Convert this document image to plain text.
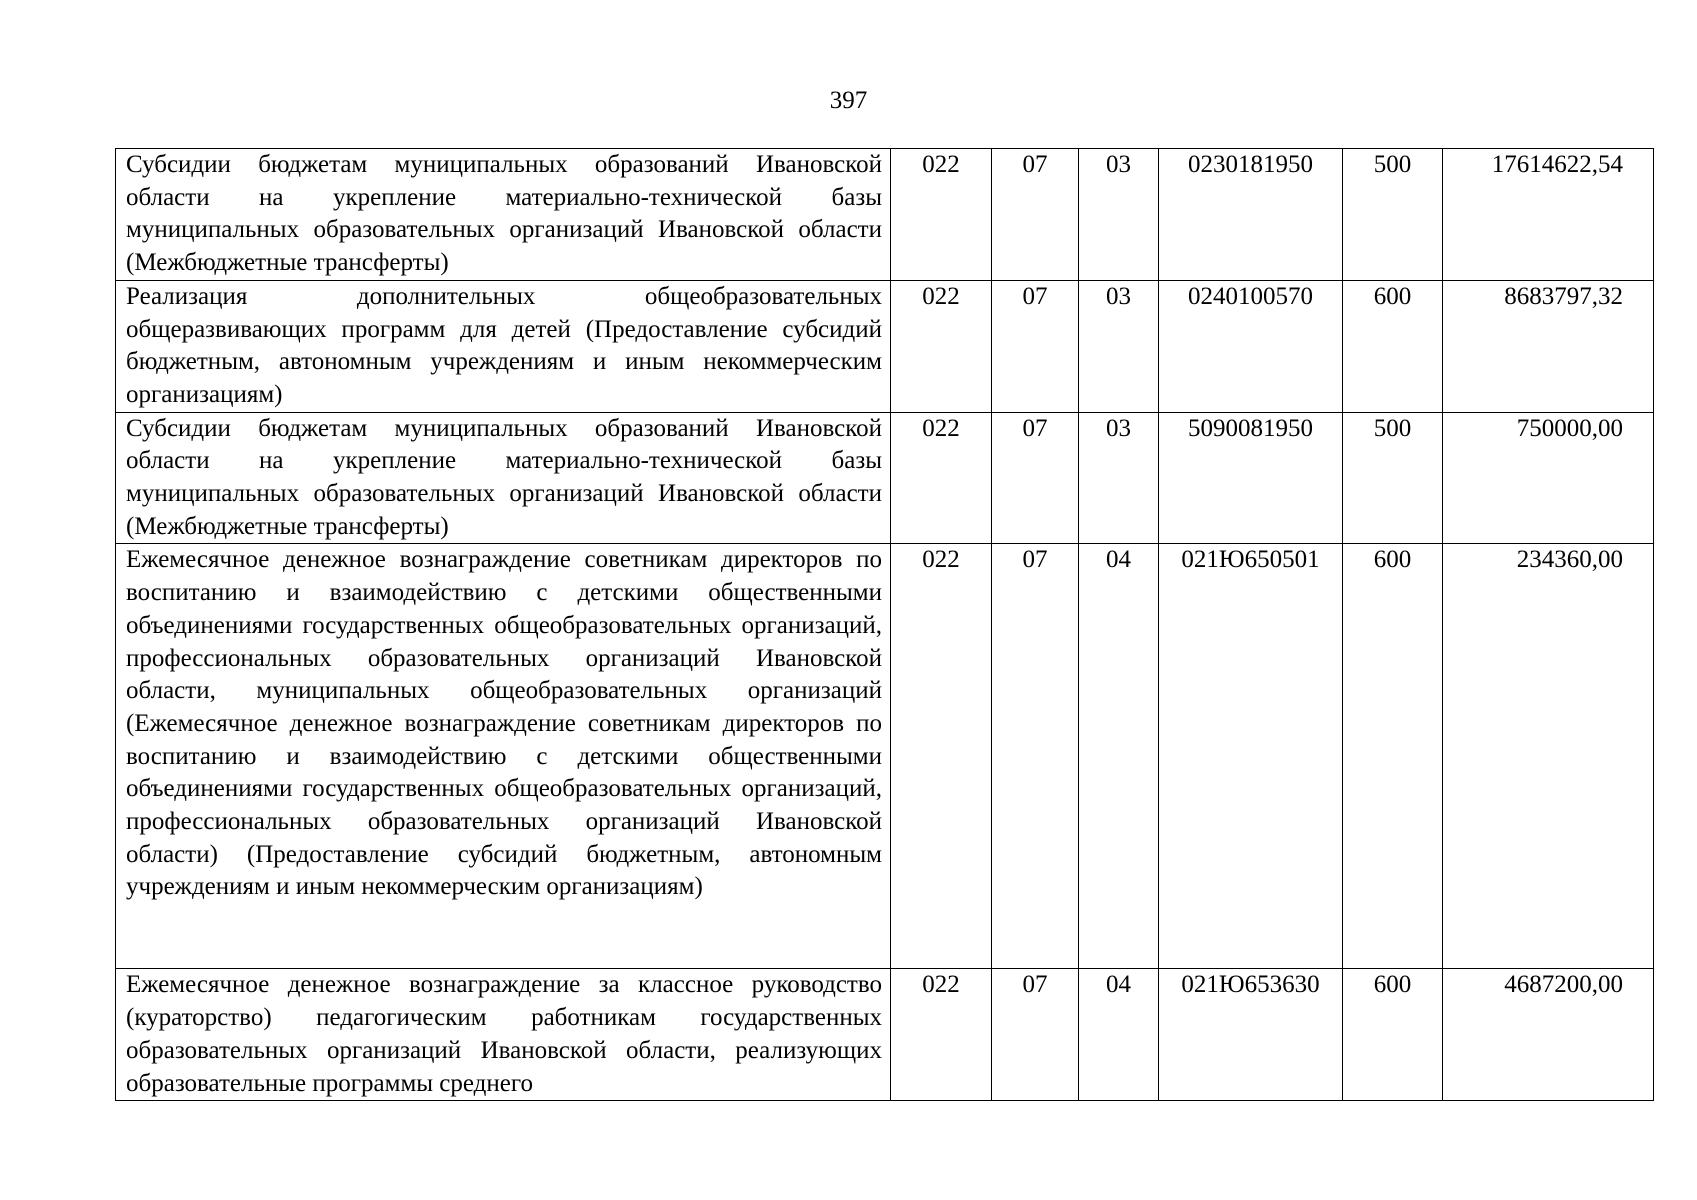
397
Субсидии бюджетам муниципальных образований Ивановской области на укрепление материально-технической базы муниципальных образовательных организаций Ивановской области (Межбюджетные трансферты)	022	07	03	0230181950	500	17614622,54

Реализация дополнительных общеобразовательных общеразвивающих программ для детей (Предоставление субсидий бюджетным, автономным учреждениям и иным некоммерческим организациям)	022	07	03	0240100570	600	8683797,32

Субсидии бюджетам муниципальных образований Ивановской области на укрепление материально-технической базы муниципальных образовательных организаций Ивановской области (Межбюджетные трансферты)	022	07	03	5090081950	500	750000,00

Ежемесячное денежное вознаграждение советникам директоров по воспитанию и взаимодействию с детскими общественными объединениями государственных общеобразовательных организаций, профессиональных образовательных организаций Ивановской области, муниципальных общеобразовательных организаций (Ежемесячное денежное вознаграждение советникам директоров по воспитанию и взаимодействию с детскими общественными объединениями государственных общеобразовательных организаций, профессиональных образовательных организаций Ивановской области) (Предоставление субсидий бюджетным, автономным учреждениям и иным некоммерческим организациям)	022	07	04	021Ю650501	600	234360,00

Ежемесячное денежное вознаграждение за классное руководство (кураторство) педагогическим работникам государственных образовательных организаций Ивановской области, реализующих образовательные программы среднего	022	07	04	021Ю653630	600	4687200,00
